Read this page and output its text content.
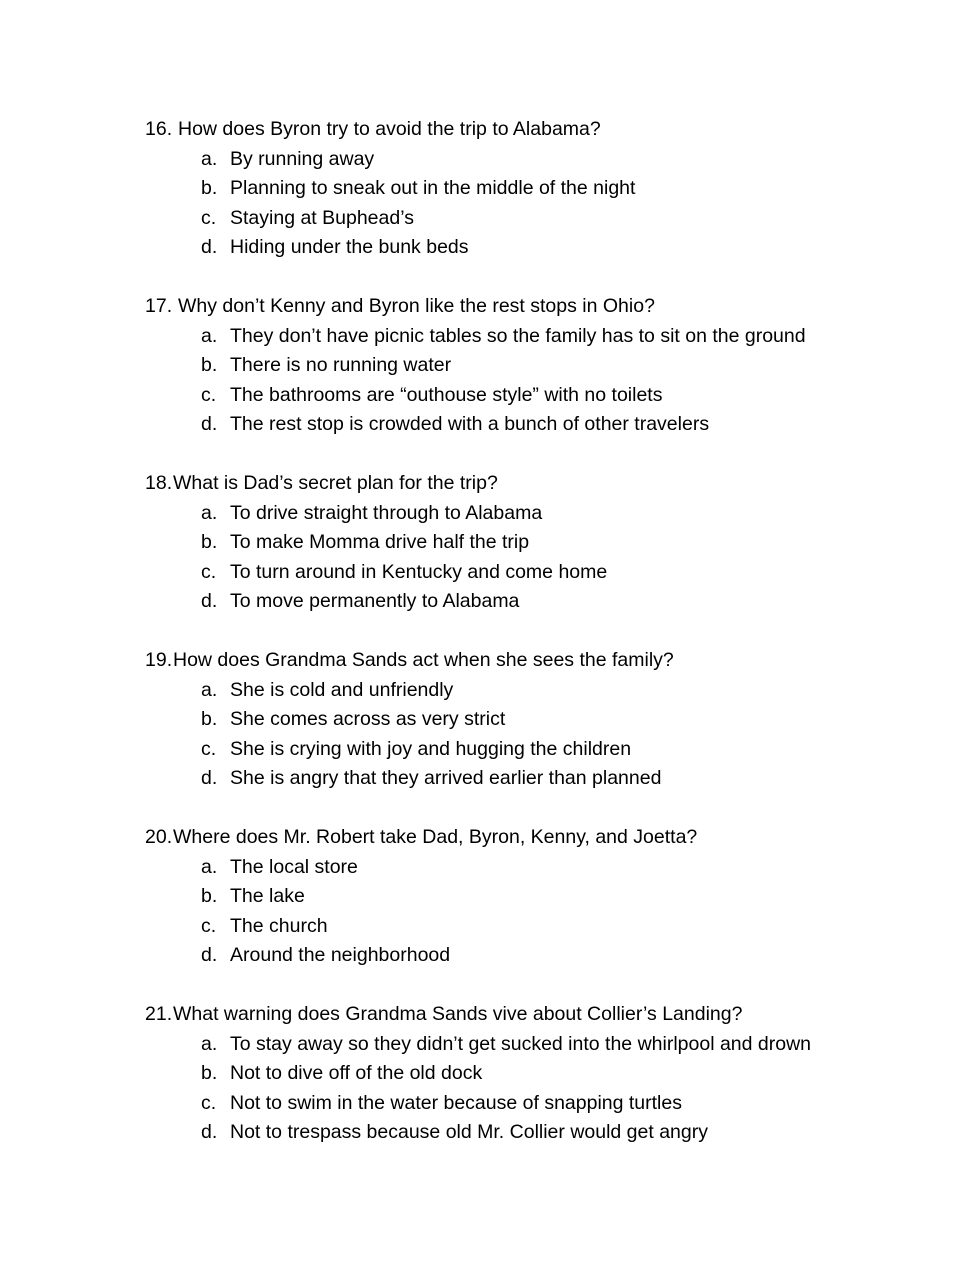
16. How does Byron try to avoid the trip to Alabama?
a. By running away
b. Planning to sneak out in the middle of the night
c. Staying at Buphead’s
d. Hiding under the bunk beds
17. Why don’t Kenny and Byron like the rest stops in Ohio?
a. They don’t have picnic tables so the family has to sit on the ground
b. There is no running water
c. The bathrooms are “outhouse style” with no toilets
d. The rest stop is crowded with a bunch of other travelers
18.What is Dad’s secret plan for the trip?
a. To drive straight through to Alabama
b. To make Momma drive half the trip
c. To turn around in Kentucky and come home
d. To move permanently to Alabama
19.How does Grandma Sands act when she sees the family?
a. She is cold and unfriendly
b. She comes across as very strict
c. She is crying with joy and hugging the children
d. She is angry that they arrived earlier than planned
20.Where does Mr. Robert take Dad, Byron, Kenny, and Joetta?
a. The local store
b. The lake
c. The church
d. Around the neighborhood
21.What warning does Grandma Sands vive about Collier’s Landing?
a. To stay away so they didn’t get sucked into the whirlpool and drown
b. Not to dive off of the old dock
c. Not to swim in the water because of snapping turtles
d. Not to trespass because old Mr. Collier would get angry
